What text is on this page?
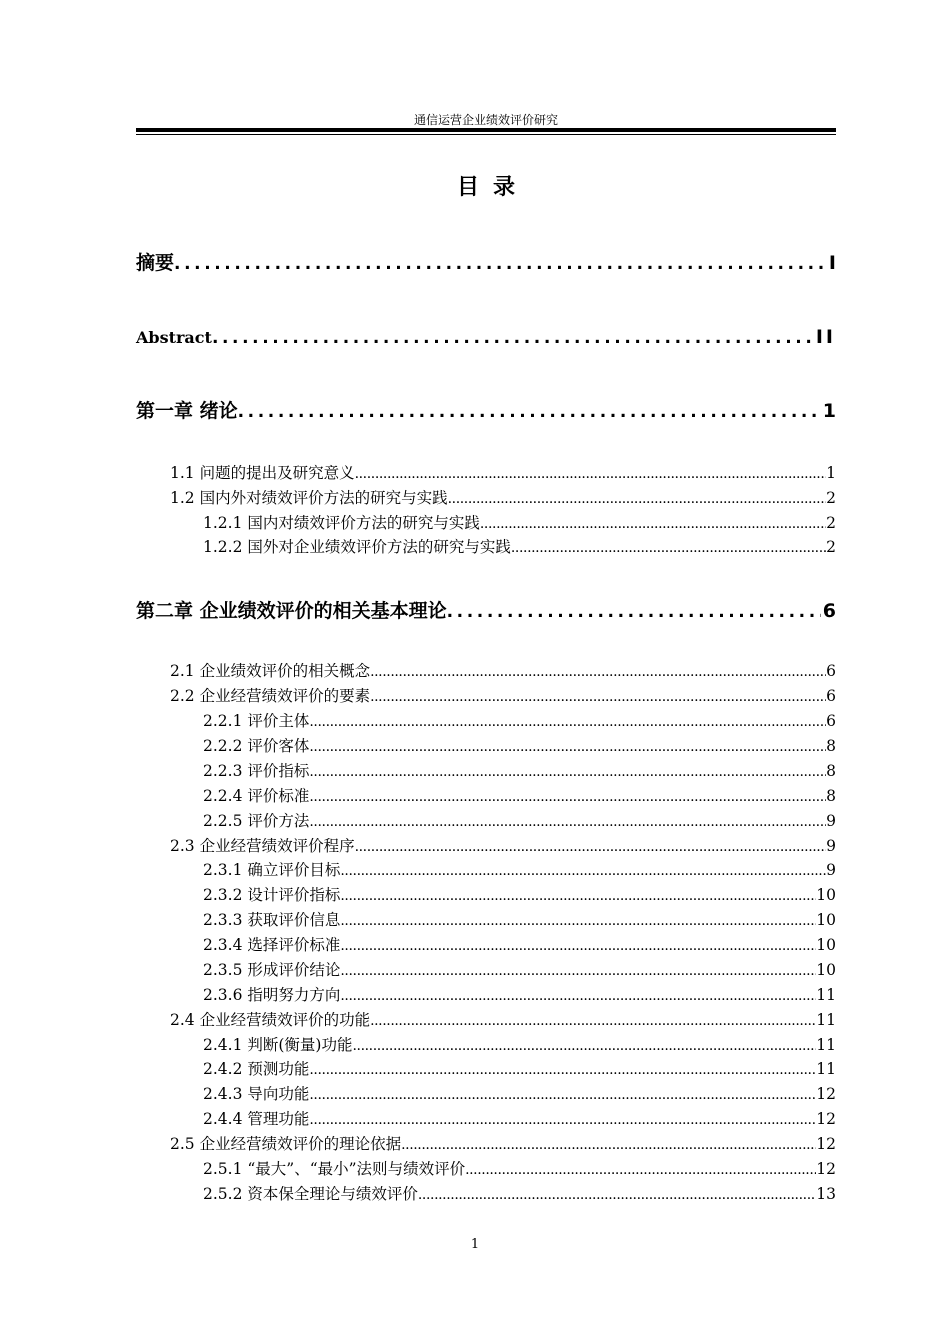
通信运营企业绩效评价研究
目录
摘要 .....	I
Abstract .....	II
第一章 绪论 .....	1
1.1 问题的提出及研究意义 .....	1
1.2 国内外对绩效评价方法的研究与实践 .....	2
1.2.1 国内对绩效评价方法的研究与实践 .....	2
1.2.2 国外对企业绩效评价方法的研究与实践 .....	2
第二章 企业绩效评价的相关基本理论 .....	6
2.1 企业绩效评价的相关概念 .....	6
2.2 企业经营绩效评价的要素 .....	6
2.2.1 评价主体 .....	6
2.2.2 评价客体 .....	8
2.2.3 评价指标 .....	8
2.2.4 评价标准 .....	8
2.2.5 评价方法 .....	9
2.3 企业经营绩效评价程序 .....	9
2.3.1 确立评价目标 .....	9
2.3.2 设计评价指标 .....	10
2.3.3 获取评价信息 .....	10
2.3.4 选择评价标准 .....	10
2.3.5 形成评价结论 .....	10
2.3.6 指明努力方向 .....	11
2.4 企业经营绩效评价的功能 .....	11
2.4.1 判断(衡量)功能 .....	11
2.4.2 预测功能 .....	11
2.4.3 导向功能 .....	12
2.4.4 管理功能 .....	12
2.5 企业经营绩效评价的理论依据 .....	12
2.5.1 “最大”、“最小”法则与绩效评价 .....	12
2.5.2 资本保全理论与绩效评价 .....	13
1
